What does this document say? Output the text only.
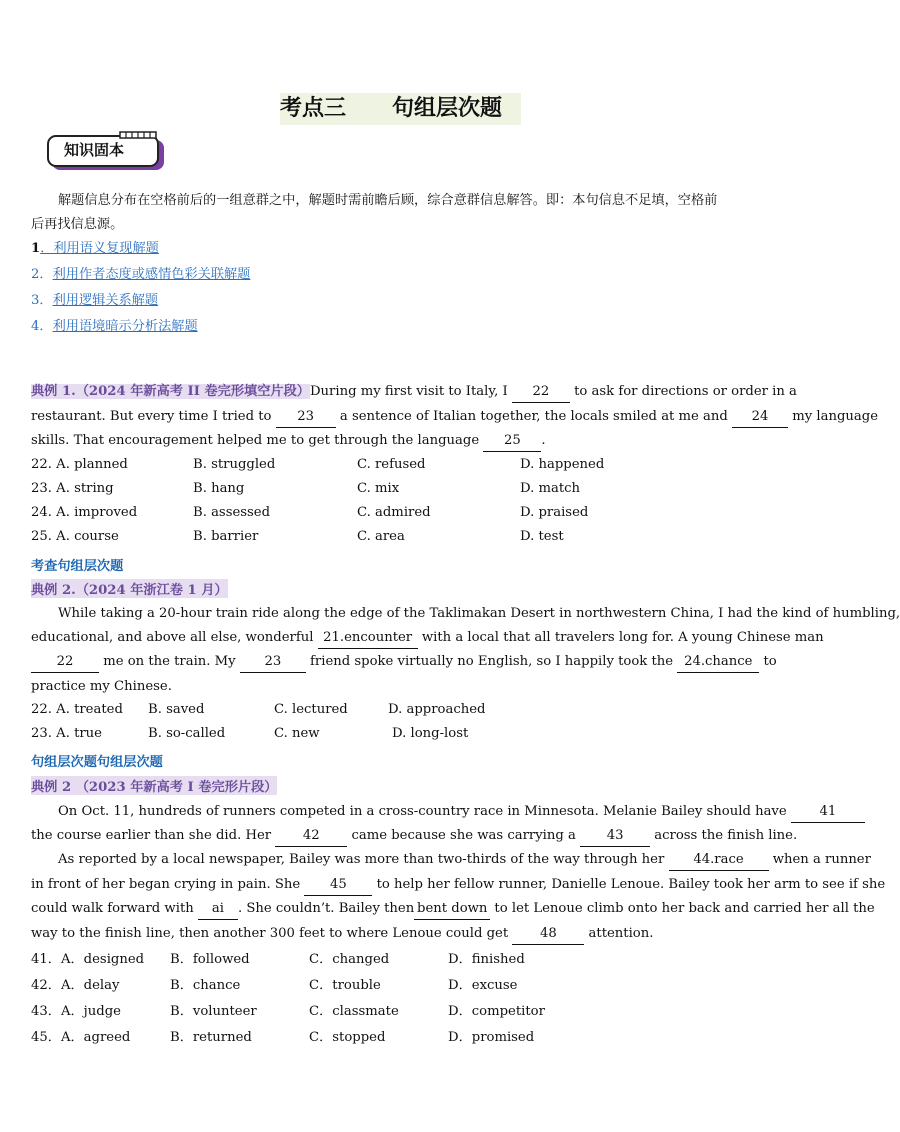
考点三      句组层次题
知识固本
解题信息分布在空格前后的一组意群之中，解题时需前瞻后顾，综合意群信息解答。即：本句信息不足填，空格前
后再找信息源。
1．利用语义复现解题
2．利用作者态度或感情色彩关联解题
3．利用逻辑关系解题
4．利用语境暗示分析法解题
典例 1.（2024 年新高考 II 卷完形填空片段）During my first visit to Italy, I 22 to ask for directions or order in a
restaurant. But every time I tried to 23 a sentence of Italian together, the locals smiled at me and 24 my language
skills. That encouragement helped me to get through the language 25 .
22. A. planned	B. struggled	C. refused	D. happened
23. A. string	B. hang	C. mix	D. match
24. A. improved	B. assessed	C. admired	D. praised
25. A. course	B. barrier	C. area	D. test
考查句组层次题
典例 2.（2024 年浙江卷 1 月）
While taking a 20-hour train ride along the edge of the Taklimakan Desert in northwestern China, I had the kind of humbling,
educational, and above all else, wonderful 21.encounter with a local that all travelers long for. A young Chinese man
22 me on the train. My 23 friend spoke virtually no English, so I happily took the 24.chance to
practice my Chinese.
22. A. treated B. saved	C. lectured	D. approached
23. A. true	B. so-called	C. new	D. long-lost
句组层次题句组层次题
典例 2 （2023 年新高考 I 卷完形片段）
On Oct. 11, hundreds of runners competed in a cross-country race in Minnesota. Melanie Bailey should have 41
the course earlier than she did. Her 42 came because she was carrying a 43 across the finish line.
As reported by a local newspaper, Bailey was more than two-thirds of the way through her 44.race when a runner
in front of her began crying in pain. She 45 to help her fellow runner, Danielle Lenoue. Bailey took her arm to see if she
could walk forward with ai . She couldn’t. Bailey then bent down to let Lenoue climb onto her back and carried her all the
way to the finish line, then another 300 feet to where Lenoue could get 48 attention.
41．A．designed B．followed	C．changed	D．finished
42．A．delay	B．chance	C．trouble	D．excuse
43．A．judge	B．volunteer	C．classmate	D．competitor
45．A．agreed	B．returned	C．stopped	D．promised
